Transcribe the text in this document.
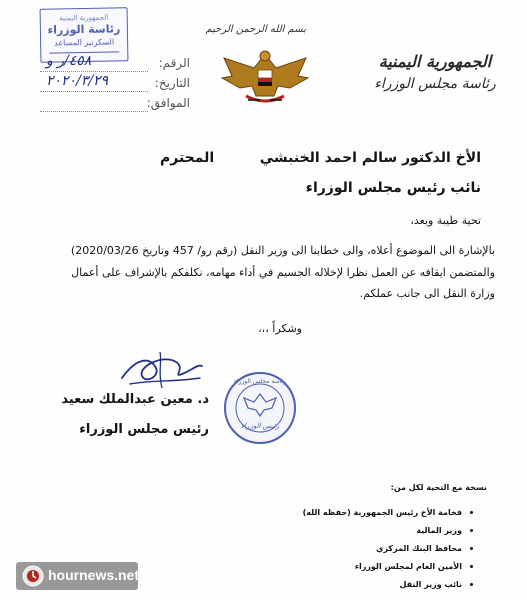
الجمهورية اليمنية
رئاسة مجلس الوزراء
بسم الله الرحمن الرحيم
الجمهورية اليمنية
رئاسة الوزراء
السكرتير المساعد
الرقم:
٤٥٨/ر و
التاريخ:
٢٠٢٠/٣/٢٩
الموافق:
الأخ الدكتور سالم احمد الخنبشي
المحترم
نائب رئيس مجلس الوزراء
تحية طيبة وبعد،
بالإشارة الى الموضوع أعلاه، والى خطابنا الى وزير النقل (رقم رو/ 457 وتاريخ 2020/03/26)
والمتضمن ايقافه عن العمل نظرا لإخلاله الجسيم في أداء مهامه، نكلفكم بالإشراف على أعمال
وزارة النقل الى جانب عملكم.
وشكراً ،،،
د. معين عبدالملك سعيد
رئيس مجلس الوزراء
رئاسة مجلس الوزراء
رئيس الوزراء
نسخة مع التحية لكل من:
فخامة الأخ رئيس الجمهورية (حفظه الله)
وزير المالية
محافظ البنك المركزي
الأمين العام لمجلس الوزراء
نائب وزير النقل
hournews.net
